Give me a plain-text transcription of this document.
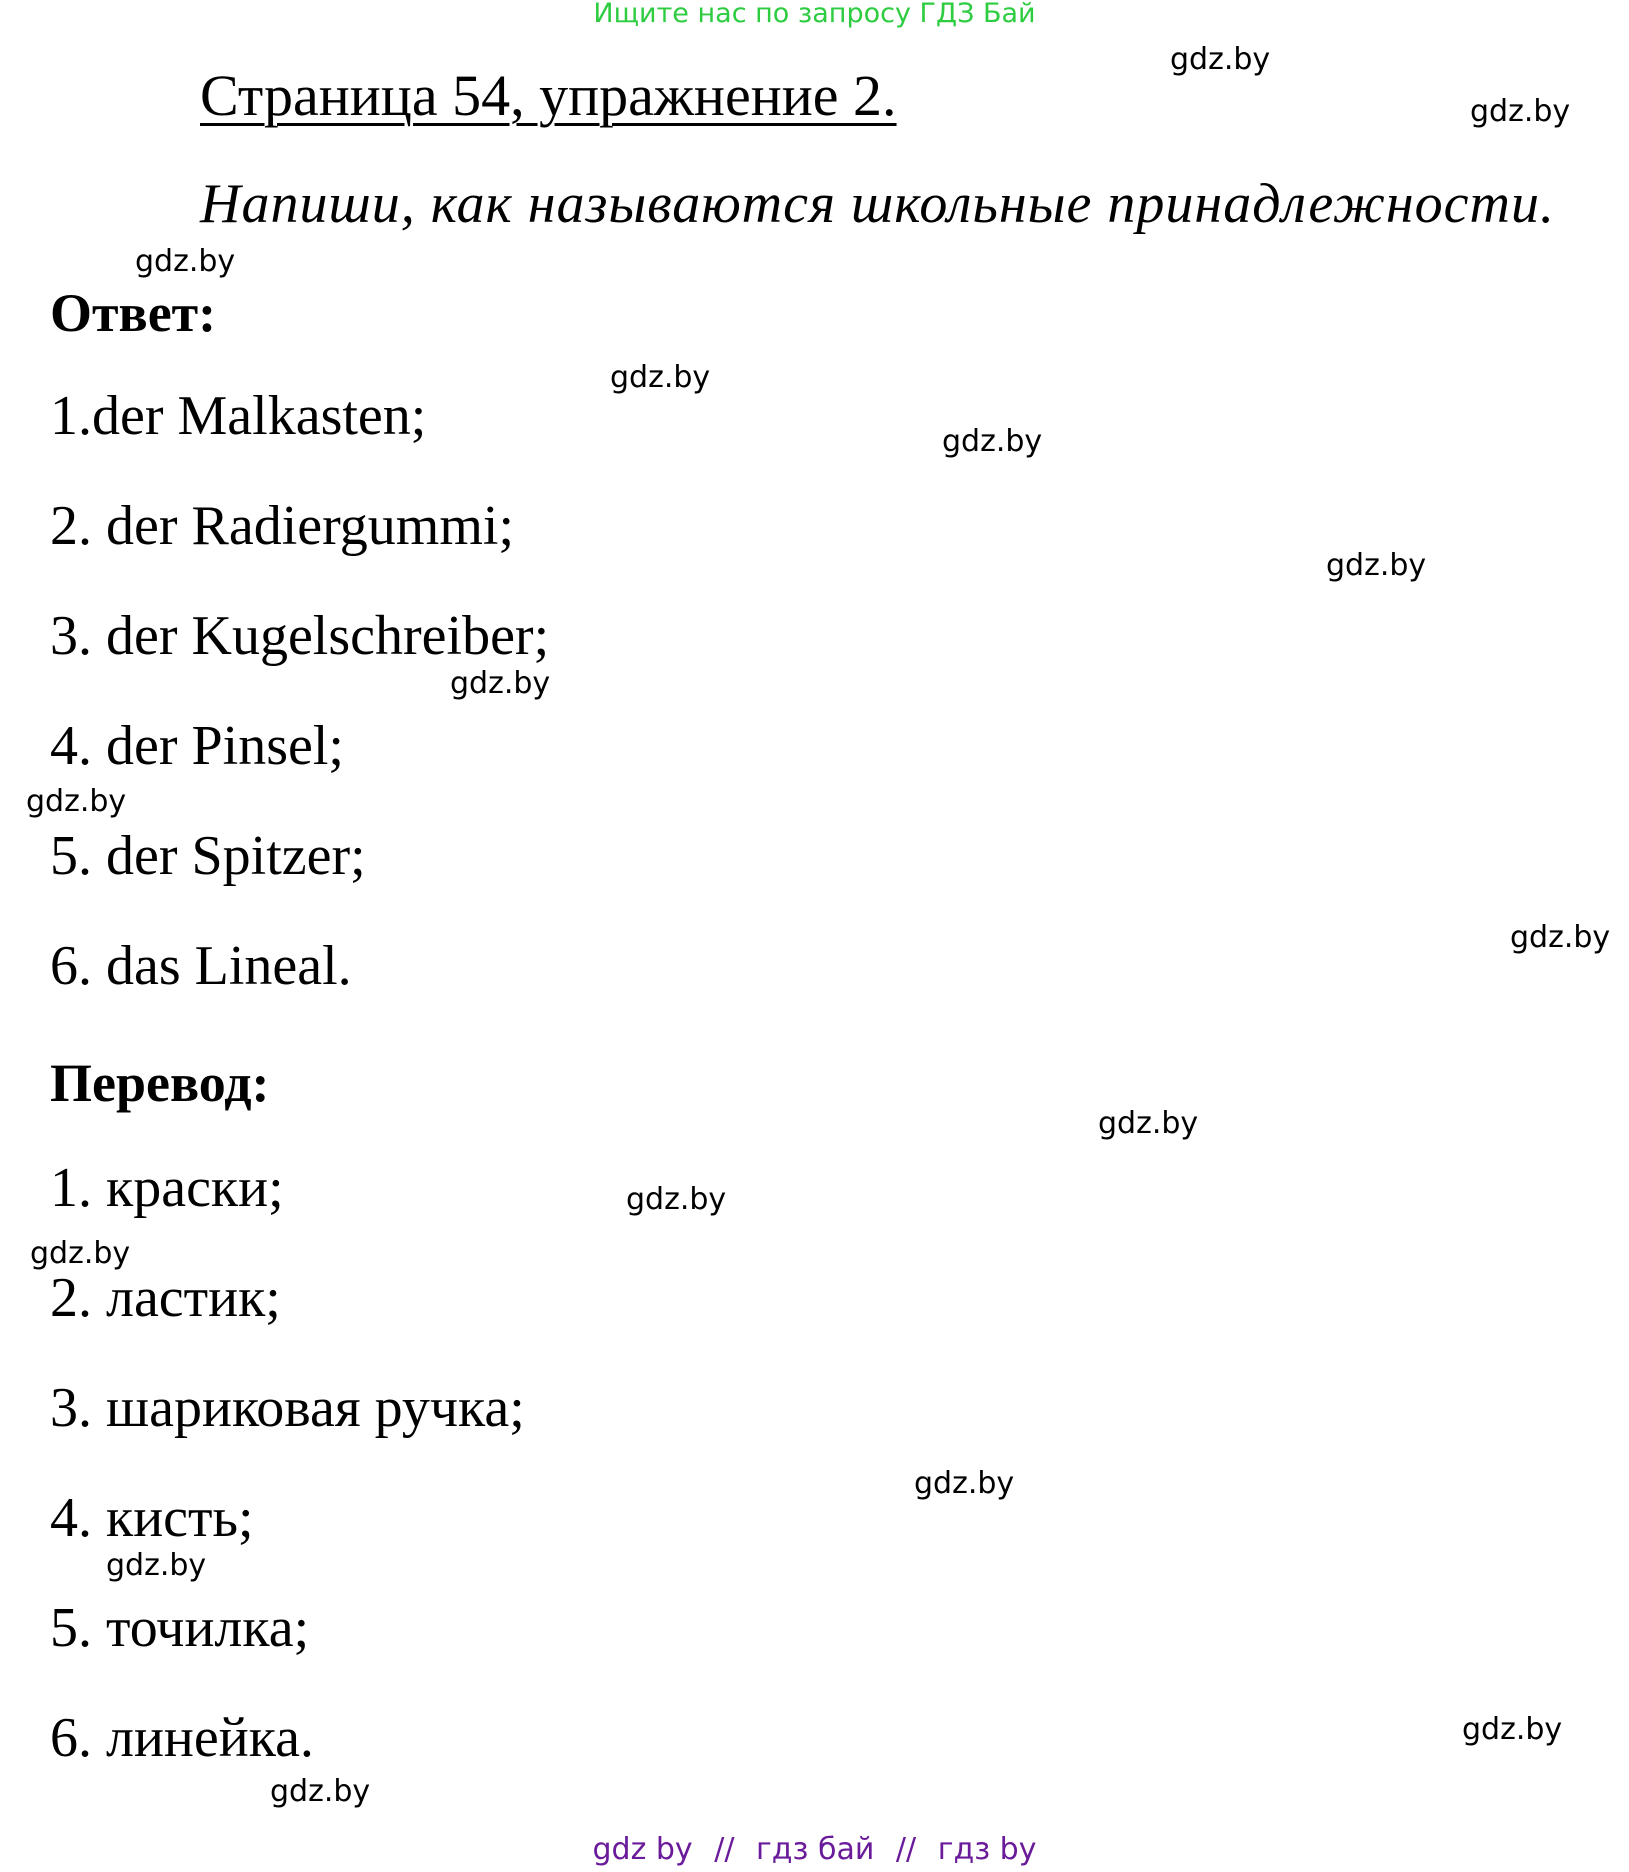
Ищите нас по запросу ГДЗ Бай
Страница 54, упражнение 2.
Напиши, как называются школьные принадлежности.
Ответ:
1.der Malkasten;
2. der Radiergummi;
3. der Kugelschreiber;
4. der Pinsel;
5. der Spitzer;
6. das Lineal.
Перевод:
1. краски;
2. ластик;
3. шариковая ручка;
4. кисть;
5. точилка;
6. линейка.
gdz.by
gdz.by
gdz.by
gdz.by
gdz.by
gdz.by
gdz.by
gdz.by
gdz.by
gdz.by
gdz.by
gdz.by
gdz.by
gdz.by
gdz.by
gdz.by
gdz by // гдз бай // гдз by
